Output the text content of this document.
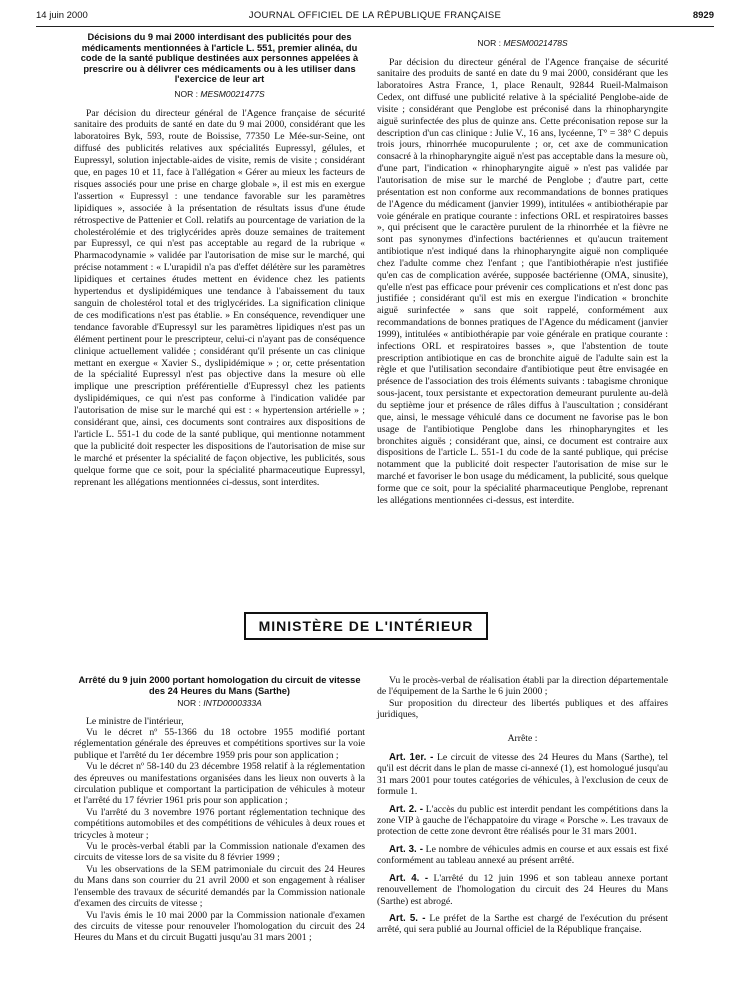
14 juin 2000	JOURNAL OFFICIEL DE LA RÉPUBLIQUE FRANÇAISE	8929
Décisions du 9 mai 2000 interdisant des publicités pour des médicaments mentionnées à l'article L. 551, premier alinéa, du code de la santé publique destinées aux personnes appelées à prescrire ou à délivrer ces médicaments ou à les utiliser dans l'exercice de leur art
NOR : MESM0021477S

Par décision du directeur général de l'Agence française de sécurité sanitaire des produits de santé en date du 9 mai 2000, considérant que les laboratoires Byk, 593, route de Boissise, 77350 Le Mée-sur-Seine, ont diffusé des publicités relatives aux spécialités Eupressyl, gélules, et Eupressyl, solution injectable-aides de visite, remis de visite ; considérant que, en pages 10 et 11, face à l'allégation « Gérer au mieux les facteurs de risques associés pour une prise en charge globale », il est mis en exergue l'assertion « Eupressyl : une tendance favorable sur les paramètres lipidiques », associée à la présentation de résultats issus d'une étude rétrospective de Pattenier et Coll. relatifs au pourcentage de variation de la cholestérolémie et des triglycérides après douze semaines de traitement par Eupressyl, ce qui n'est pas acceptable au regard de la rubrique « Pharmacodynamie » validée par l'autorisation de mise sur le marché, qui précise notamment : « L'urapidil n'a pas d'effet délétère sur les paramètres lipidiques et certaines études mettent en évidence chez les patients hypertendus et dyslipidémiques une tendance à l'abaissement du taux sanguin de cholestérol total et des triglycérides. La signification clinique de ces modifications n'est pas établie. » En conséquence, revendiquer une tendance favorable d'Eupressyl sur les paramètres lipidiques n'est pas un élément pertinent pour le prescripteur, celui-ci n'ayant pas de conséquence clinique actuellement validée ; considérant qu'il présente un cas clinique mettant en exergue « Xavier S., dyslipidémique » ; or, cette présentation de la spécialité Eupressyl n'est pas objective dans la mesure où elle implique une prescription préférentielle d'Eupressyl chez les patients dyslipidémiques, ce qui n'est pas conforme à l'indication validée par l'autorisation de mise sur le marché qui est : « hypertension artérielle » ; considérant que, ainsi, ces documents sont contraires aux dispositions de l'article L. 551-1 du code de la santé publique, qui mentionne notamment que la publicité doit respecter les dispositions de l'autorisation de mise sur le marché et présenter la spécialité de façon objective, les publicités, sous quelque forme que ce soit, pour la spécialité pharmaceutique Eupressyl, reprenant les allégations mentionnées ci-dessus, sont interdites.

NOR : MESM0021478S

Par décision du directeur général de l'Agence française de sécurité sanitaire des produits de santé en date du 9 mai 2000, considérant que les laboratoires Astra France, 1, place Renault, 92844 Rueil-Malmaison Cedex, ont diffusé une publicité relative à la spécialité Penglobe-aide de visite ; considérant que Penglobe est préconisé dans la rhinopharyngite aiguë surinfectée des plus de quinze ans. Cette préconisation repose sur la description d'un cas clinique : Julie V., 16 ans, lycéenne, T° = 38° C depuis trois jours, rhinorrhée mucopurulente ; or, cet axe de communication consacré à la rhinopharyngite aiguë n'est pas acceptable dans la mesure où, d'une part, l'indication « rhinopharyngite aiguë » n'est pas validée par l'autorisation de mise sur le marché de Penglobe ; d'autre part, cette présentation est non conforme aux recommandations de bonnes pratiques de l'Agence du médicament (janvier 1999), intitulées « antibiothérapie par voie générale en pratique courante : infections ORL et respiratoires basses », qui précisent que le caractère purulent de la rhinorrhée et la fièvre ne sont pas synonymes d'infections bactériennes et qu'aucun traitement antibiotique n'est indiqué dans la rhinopharyngite aiguë non compliquée chez l'adulte comme chez l'enfant ; que l'antibiothérapie n'est justifiée qu'en cas de complication avérée, supposée bactérienne (OMA, sinusite), qu'elle n'est pas efficace pour prévenir ces complications et n'est donc pas justifiée ; considérant qu'il est mis en exergue l'indication « bronchite aiguë surinfectée » sans que soit rappelé, conformément aux recommandations de bonnes pratiques de l'Agence du médicament (janvier 1999), intitulées « antibiothérapie par voie générale en pratique courante : infections ORL et respiratoires basses », que l'abstention de toute prescription antibiotique en cas de bronchite aiguë de l'adulte sain est la règle et que l'utilisation secondaire d'antibiotique peut être envisagée en présence de l'association des trois éléments suivants : tabagisme chronique sous-jacent, toux persistante et expectoration demeurant purulente au-delà du septième jour et présence de râles diffus à l'auscultation ; considérant que, ainsi, le message véhiculé dans ce document ne favorise pas le bon usage de l'antibiotique Penglobe dans les rhinopharyngites et les bronchites aiguës ; considérant que, ainsi, ce document est contraire aux dispositions de l'article L. 551-1 du code de la santé publique, qui précise notamment que la publicité doit respecter l'autorisation de mise sur le marché et favoriser le bon usage du médicament, la publicité, sous quelque forme que ce soit, pour la spécialité pharmaceutique Penglobe, reprenant les allégations mentionnées ci-dessus, est interdite.

MINISTÈRE DE L'INTÉRIEUR
Arrêté du 9 juin 2000 portant homologation du circuit de vitesse des 24 Heures du Mans (Sarthe)
NOR : INTD0000333A

Le ministre de l'intérieur,

Vu le décret nº 55-1366 du 18 octobre 1955 modifié portant réglementation générale des épreuves et compétitions sportives sur la voie publique et l'arrêté du 1er décembre 1959 pris pour son application ;

Vu le décret nº 58-140 du 23 décembre 1958 relatif à la réglementation des épreuves ou manifestations organisées dans les lieux non ouverts à la circulation publique et comportant la participation de véhicules à moteur et l'arrêté du 17 février 1961 pris pour son application ;

Vu l'arrêté du 3 novembre 1976 portant réglementation technique des compétitions automobiles et des compétitions de véhicules à deux roues et tricycles à moteur ;

Vu le procès-verbal établi par la Commission nationale d'examen des circuits de vitesse lors de sa visite du 8 février 1999 ;

Vu les observations de la SEM patrimoniale du circuit des 24 Heures du Mans dans son courrier du 21 avril 2000 et son engagement à réaliser l'ensemble des travaux de sécurité demandés par la Commission nationale d'examen des circuits de vitesse ;

Vu l'avis émis le 10 mai 2000 par la Commission nationale d'examen des circuits de vitesse pour renouveler l'homologation du circuit des 24 Heures du Mans et du circuit Bugatti jusqu'au 31 mars 2001 ;

Vu le procès-verbal de réalisation établi par la direction départementale de l'équipement de la Sarthe le 6 juin 2000 ;

Sur proposition du directeur des libertés publiques et des affaires juridiques,

Arrête :

Art. 1er. - Le circuit de vitesse des 24 Heures du Mans (Sarthe), tel qu'il est décrit dans le plan de masse ci-annexé (1), est homologué jusqu'au 31 mars 2001 pour toutes catégories de véhicules, à l'exclusion de ceux de formule 1.

Art. 2. - L'accès du public est interdit pendant les compétitions dans la zone VIP à gauche de l'échappatoire du virage « Porsche ». Les travaux de protection de cette zone devront être réalisés pour le 31 mars 2001.

Art. 3. - Le nombre de véhicules admis en course et aux essais est fixé conformément au tableau annexé au présent arrêté.

Art. 4. - L'arrêté du 12 juin 1996 et son tableau annexe portant renouvellement de l'homologation du circuit des 24 Heures du Mans (Sarthe) est abrogé.

Art. 5. - Le préfet de la Sarthe est chargé de l'exécution du présent arrêté, qui sera publié au Journal officiel de la République française.
